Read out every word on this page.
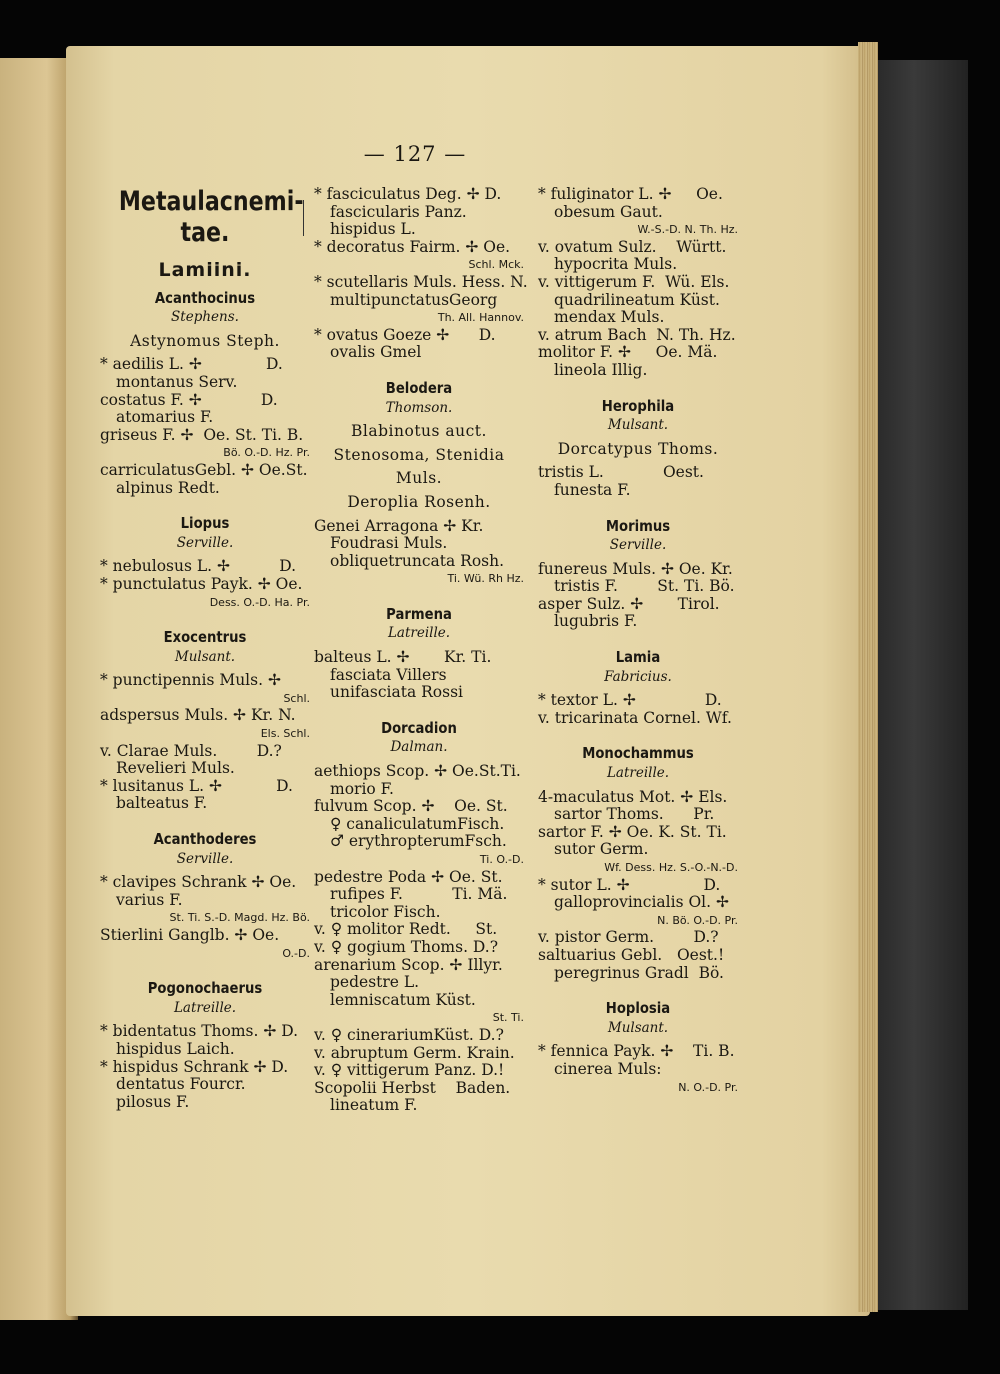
— 127 —
Metaulacnemi-
tae.
Lamiini.
Acanthocinus
Stephens.
Astynomus Steph.
* aedilis L. ✢             D.
montanus Serv.
costatus F. ✢            D.
atomarius F.
griseus F. ✢  Oe. St. Ti. B.
Bö. O.-D. Hz. Pr.
carriculatusGebl. ✢ Oe.St.
alpinus Redt.
Liopus
Serville.
* nebulosus L. ✢          D.
* punctulatus Payk. ✢ Oe.
Dess. O.-D. Ha. Pr.
Exocentrus
Mulsant.
* punctipennis Muls. ✢
Schl.
adspersus Muls. ✢ Kr. N.
Els. Schl.
v. Clarae Muls.        D.?
Revelieri Muls.
* lusitanus L. ✢           D.
balteatus F.
Acanthoderes
Serville.
* clavipes Schrank ✢ Oe.
varius F.
St. Ti. S.-D. Magd. Hz. Bö.
Stierlini Ganglb. ✢ Oe.
O.-D.
Pogonochaerus
Latreille.
* bidentatus Thoms. ✢ D.
hispidus Laich.
* hispidus Schrank ✢ D.
dentatus Fourcr.
pilosus F.
* fasciculatus Deg. ✢ D.
fascicularis Panz.
hispidus L.
* decoratus Fairm. ✢ Oe.
Schl. Mck.
* scutellaris Muls. Hess. N.
multipunctatusGeorg
Th. All. Hannov.
* ovatus Goeze ✢      D.
ovalis Gmel
Belodera
Thomson.
Blabinotus auct.
Stenosoma, Stenidia
Muls.
Deroplia Rosenh.
Genei Arragona ✢ Kr.
Foudrasi Muls.
obliquetruncata Rosh.
Ti. Wü. Rh Hz.
Parmena
Latreille.
balteus L. ✢       Kr. Ti.
fasciata Villers
unifasciata Rossi
Dorcadion
Dalman.
aethiops Scop. ✢ Oe.St.Ti.
morio F.
fulvum Scop. ✢    Oe. St.
♀ canaliculatumFisch.
♂ erythropterumFsch.
Ti. O.-D.
pedestre Poda ✢ Oe. St.
rufipes F.          Ti. Mä.
tricolor Fisch.
v. ♀ molitor Redt.     St.
v. ♀ gogium Thoms. D.?
arenarium Scop. ✢ Illyr.
pedestre L.
lemniscatum Küst.
St. Ti.
v. ♀ cinerariumKüst. D.?
v. abruptum Germ. Krain.
v. ♀ vittigerum Panz. D.!
Scopolii Herbst    Baden.
lineatum F.
* fuliginator L. ✢     Oe.
obesum Gaut.
W.-S.-D. N. Th. Hz.
v. ovatum Sulz.    Württ.
hypocrita Muls.
v. vittigerum F.  Wü. Els.
quadrilineatum Küst.
mendax Muls.
v. atrum Bach  N. Th. Hz.
molitor F. ✢     Oe. Mä.
lineola Illig.
Herophila
Mulsant.
Dorcatypus Thoms.
tristis L.            Oest.
funesta F.
Morimus
Serville.
funereus Muls. ✢ Oe. Kr.
tristis F.        St. Ti. Bö.
asper Sulz. ✢       Tirol.
lugubris F.
Lamia
Fabricius.
* textor L. ✢              D.
v. tricarinata Cornel. Wf.
Monochammus
Latreille.
4-maculatus Mot. ✢ Els.
sartor Thoms.      Pr.
sartor F. ✢ Oe. K. St. Ti.
sutor Germ.
Wf. Dess. Hz. S.-O.-N.-D.
* sutor L. ✢               D.
galloprovincialis Ol. ✢
N. Bö. O.-D. Pr.
v. pistor Germ.        D.?
saltuarius Gebl.   Oest.!
peregrinus Gradl  Bö.
Hoplosia
Mulsant.
* fennica Payk. ✢    Ti. B.
cinerea Muls:
N. O.-D. Pr.
